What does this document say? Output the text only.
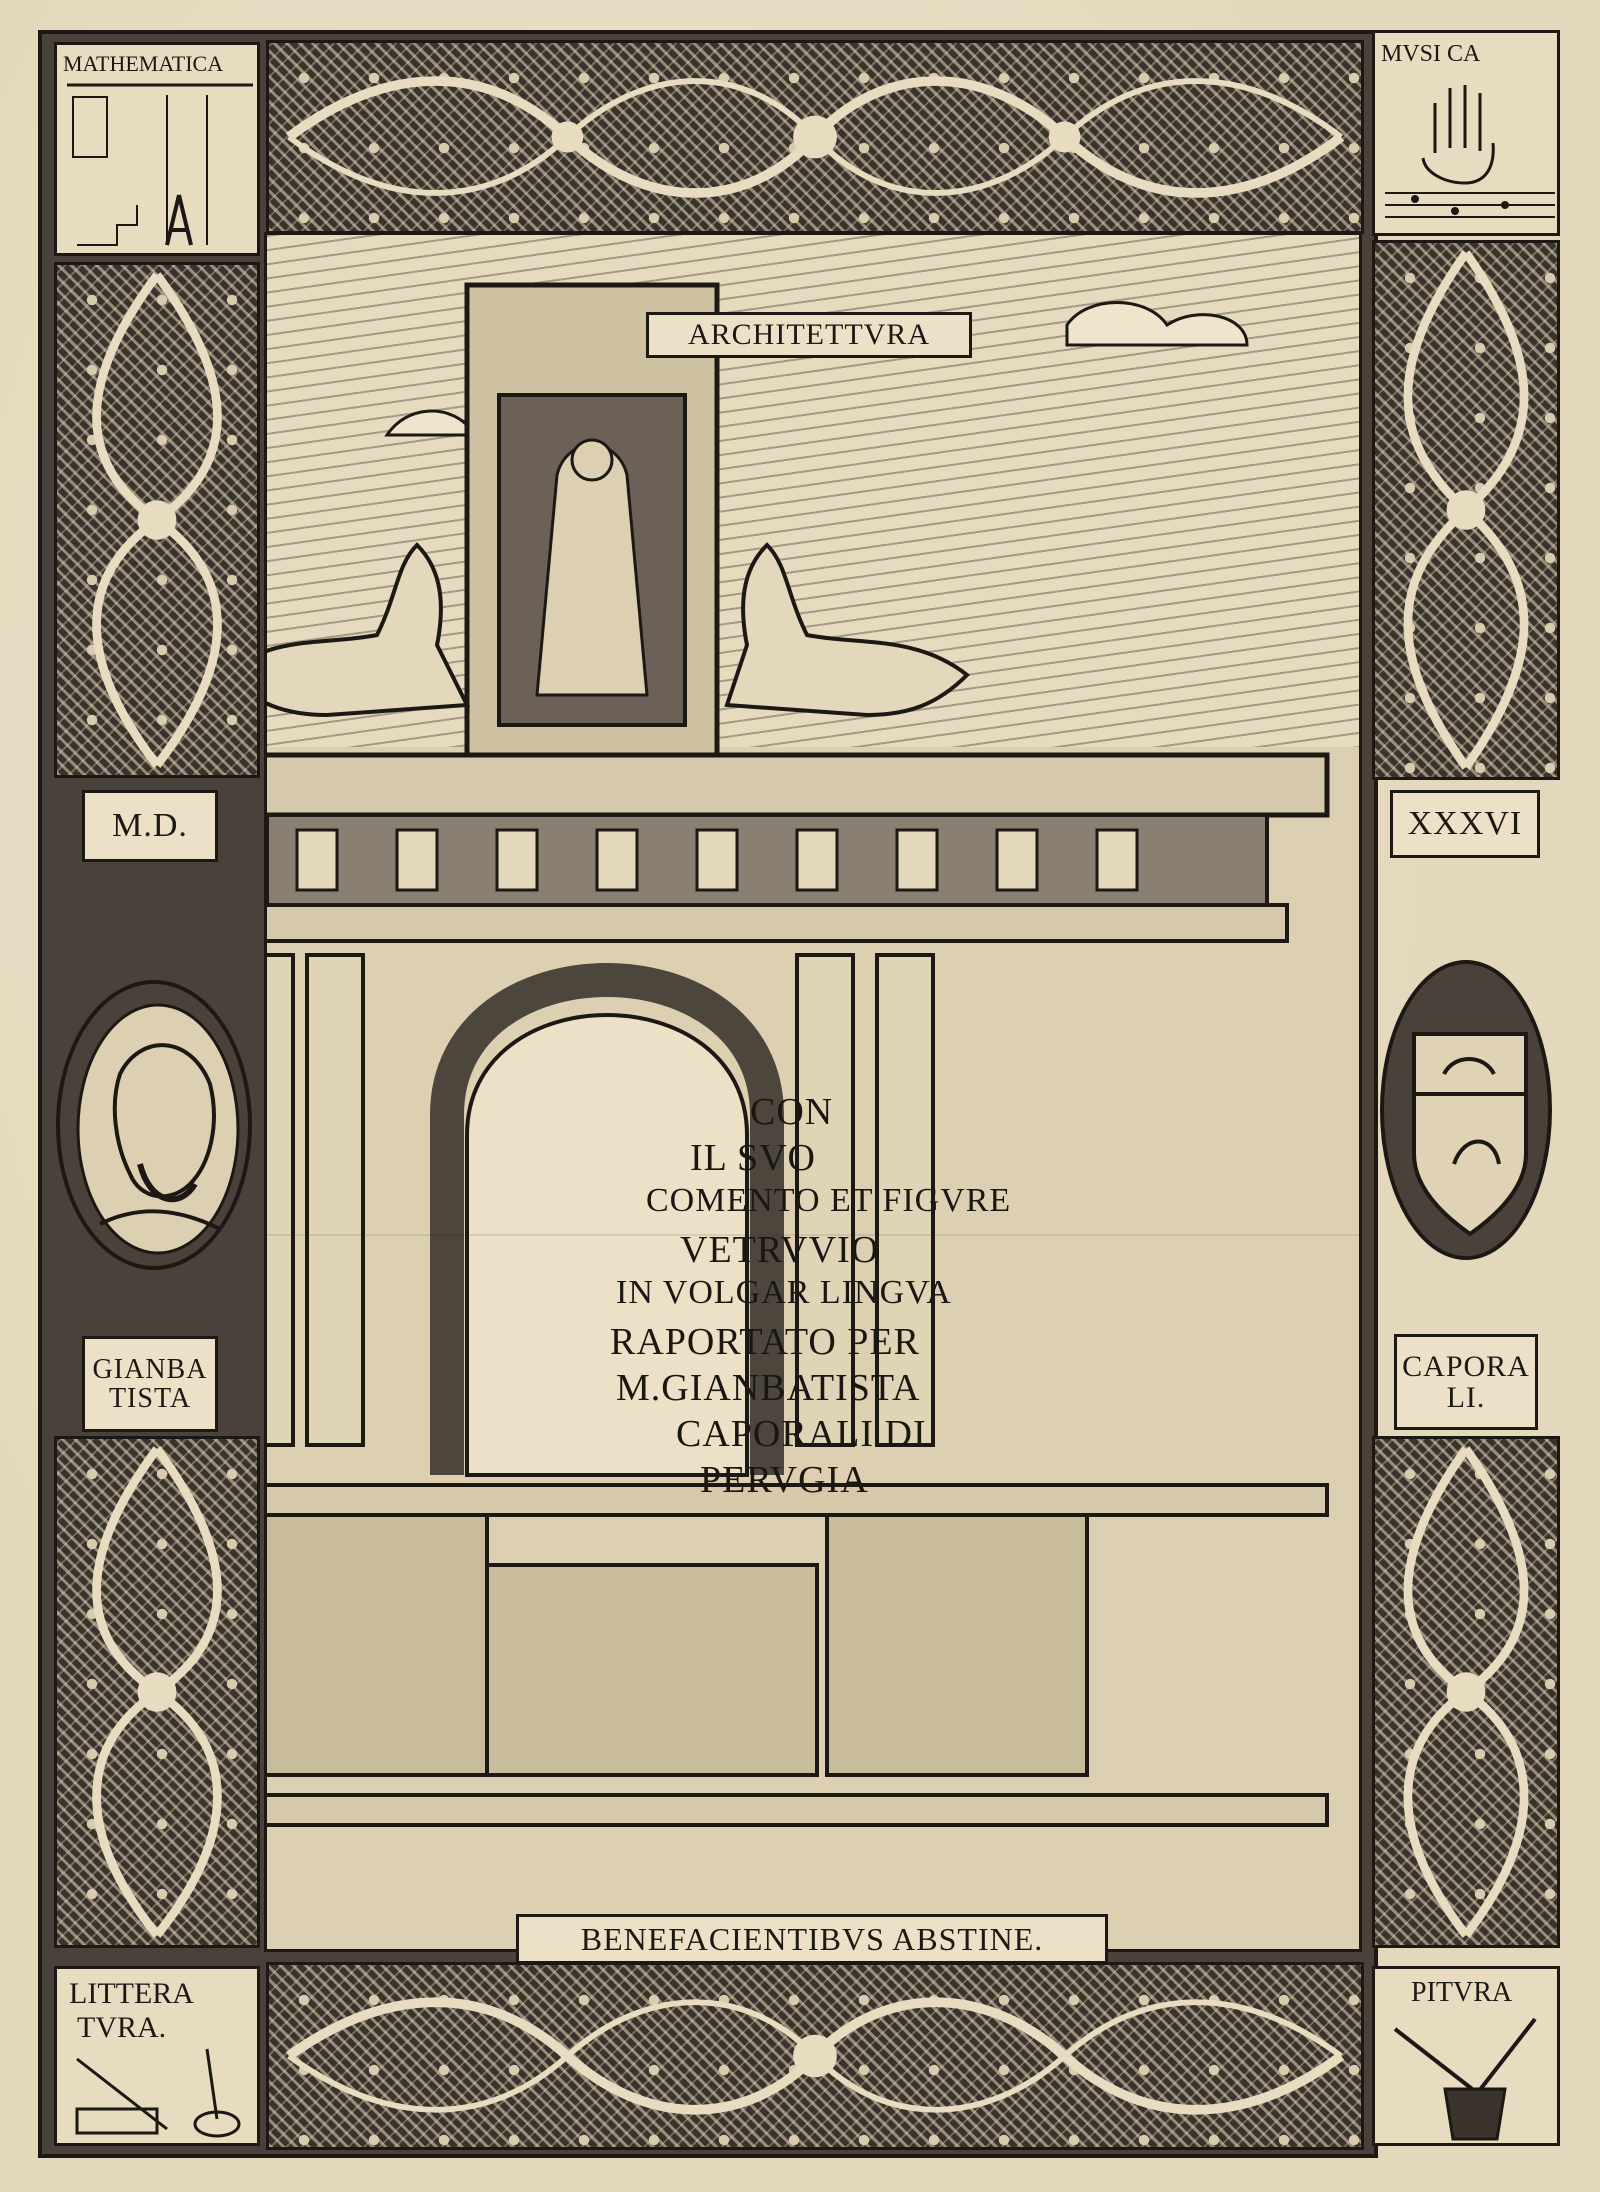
MATHEMATICA	MVSI CA
LITTERA
TVRA.
PITVRA
M.D.	XXXVI
GIANBA
TISTA
CAPORA
LI.
ARCHITETTVRA
CON
IL SVO
COMENTO ET FIGVRE
VETRVVIO
IN VOLGAR LINGVA
RAPORTATO PER
M.GIANBATISTA
CAPORALI DI
PERVGIA
BENEFACIENTIBVS ABSTINE.
